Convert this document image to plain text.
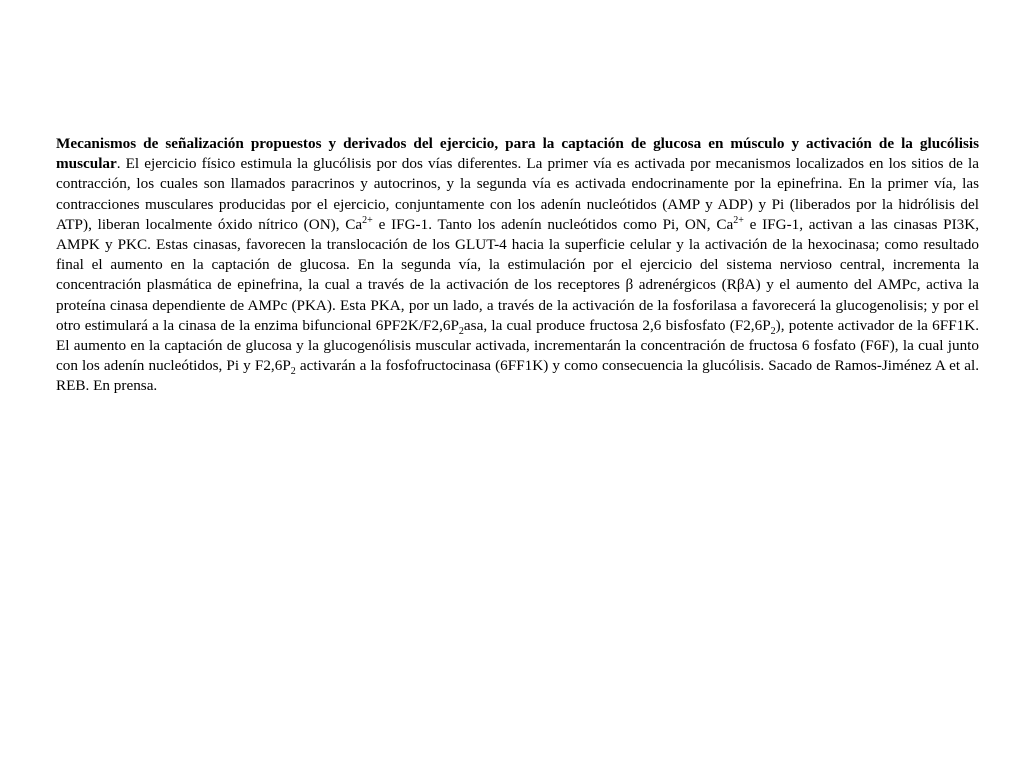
Mecanismos de señalización propuestos y derivados del ejercicio, para la captación de glucosa en músculo y activación de la glucólisis muscular. El ejercicio físico estimula la glucólisis por dos vías diferentes. La primer vía es activada por mecanismos localizados en los sitios de la contracción, los cuales son llamados paracrinos y autocrinos, y la segunda vía es activada endocrinamente por la epinefrina. En la primer vía, las contracciones musculares producidas por el ejercicio, conjuntamente con los adenín nucleótidos (AMP y ADP) y Pi (liberados por la hidrólisis del ATP), liberan localmente óxido nítrico (ON), $Ca^{2+}$ e IFG-1. Tanto los adenín nucleótidos como Pi, ON, $Ca^{2+}$ e IFG-1, activan a las cinasas PI3K, AMPK y PKC. Estas cinasas, favorecen la translocación de los GLUT-4 hacia la superficie celular y la activación de la hexocinasa; como resultado final el aumento en la captación de glucosa. En la segunda vía, la estimulación por el ejercicio del sistema nervioso central, incrementa la concentración plasmática de epinefrina, la cual a través de la activación de los receptores β adrenérgicos (RβA) y el aumento del AMPc, activa la proteína cinasa dependiente de AMPc (PKA). Esta PKA, por un lado, a través de la activación de la fosforilasa a favorecerá la glucogenolisis; y por el otro estimulará a la cinasa de la enzima bifuncional $6PF2K/F2,6P_2asa$, la cual produce fructosa 2,6 bisfosfato $(F2,6P_2)$, potente activador de la 6FF1K. El aumento en la captación de glucosa y la glucogenólisis muscular activada, incrementarán la concentración de fructosa 6 fosfato (F6F), la cual junto con los adenín nucleótidos, Pi y $F2,6P_2$ activarán a la fosfofructocinasa (6FF1K) y como consecuencia la glucólisis. Sacado de Ramos-Jiménez A et al. REB. En prensa.
